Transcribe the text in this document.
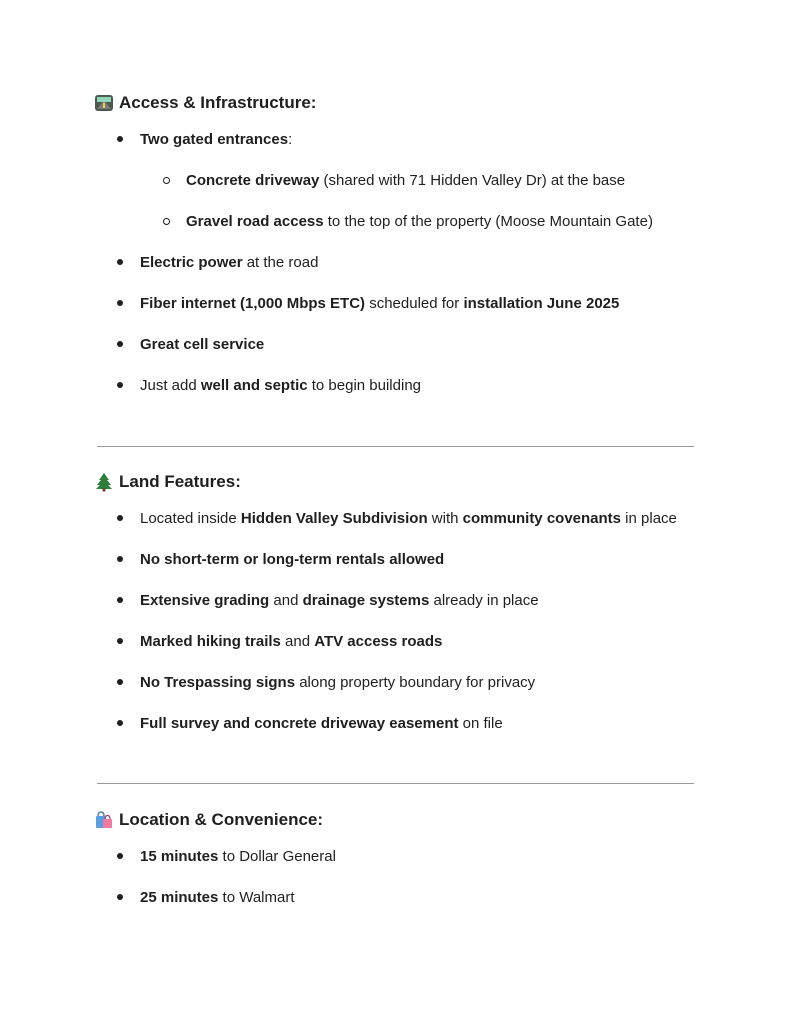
Access & Infrastructure:
Two gated entrances:
Concrete driveway (shared with 71 Hidden Valley Dr) at the base
Gravel road access to the top of the property (Moose Mountain Gate)
Electric power at the road
Fiber internet (1,000 Mbps ETC) scheduled for installation June 2025
Great cell service
Just add well and septic to begin building
Land Features:
Located inside Hidden Valley Subdivision with community covenants in place
No short-term or long-term rentals allowed
Extensive grading and drainage systems already in place
Marked hiking trails and ATV access roads
No Trespassing signs along property boundary for privacy
Full survey and concrete driveway easement on file
Location & Convenience:
15 minutes to Dollar General
25 minutes to Walmart
